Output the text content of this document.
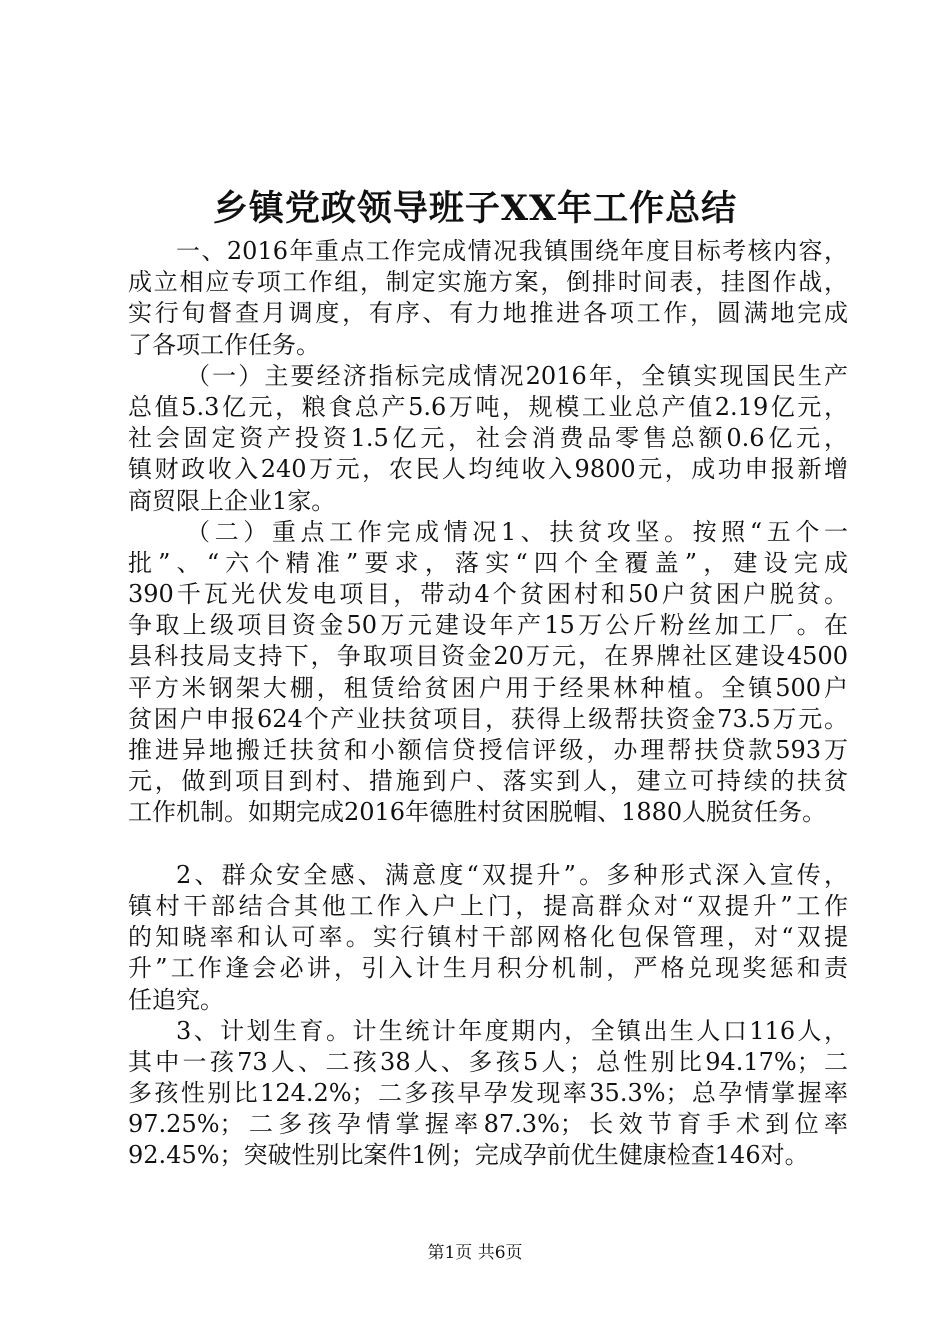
乡镇党政领导班子XX年工作总结
一、2016年重点工作完成情况我镇围绕年度目标考核内容，
成立相应专项工作组，制定实施方案，倒排时间表，挂图作战，
实行旬督查月调度，有序、有力地推进各项工作，圆满地完成
了各项工作任务。
（一）主要经济指标完成情况2016年，全镇实现国民生产
总值5.3亿元，粮食总产5.6万吨，规模工业总产值2.19亿元，
社会固定资产投资1.5亿元，社会消费品零售总额0.6亿元，
镇财政收入240万元，农民人均纯收入9800元，成功申报新增
商贸限上企业1家。
（二）重点工作完成情况1、扶贫攻坚。按照“五个一
批”、“六个精准”要求，落实“四个全覆盖”，建设完成
390千瓦光伏发电项目，带动4个贫困村和50户贫困户脱贫。
争取上级项目资金50万元建设年产15万公斤粉丝加工厂。在
县科技局支持下，争取项目资金20万元，在界牌社区建设4500
平方米钢架大棚，租赁给贫困户用于经果林种植。全镇500户
贫困户申报624个产业扶贫项目，获得上级帮扶资金73.5万元。
推进异地搬迁扶贫和小额信贷授信评级，办理帮扶贷款593万
元，做到项目到村、措施到户、落实到人，建立可持续的扶贫
工作机制。如期完成2016年德胜村贫困脱帽、1880人脱贫任务。
2、群众安全感、满意度“双提升”。多种形式深入宣传，
镇村干部结合其他工作入户上门，提高群众对“双提升”工作
的知晓率和认可率。实行镇村干部网格化包保管理，对“双提
升”工作逢会必讲，引入计生月积分机制，严格兑现奖惩和责
任追究。
3、计划生育。计生统计年度期内，全镇出生人口116人，
其中一孩73人、二孩38人、多孩5人；总性别比94.17%；二
多孩性别比124.2%；二多孩早孕发现率35.3%；总孕情掌握率
97.25%；二多孩孕情掌握率87.3%；长效节育手术到位率
92.45%；突破性别比案件1例；完成孕前优生健康检查146对。
第1页 共6页
